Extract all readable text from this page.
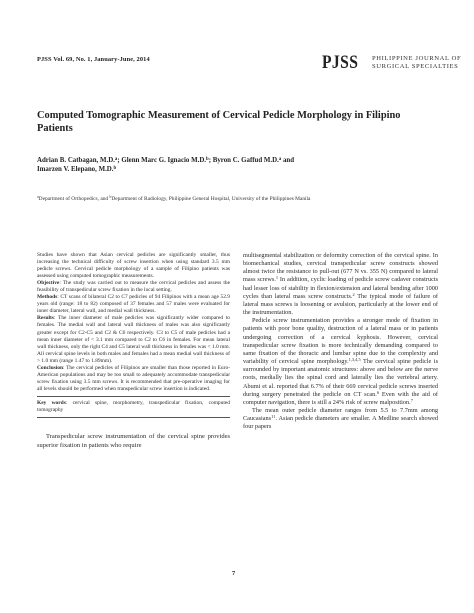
PJSS Vol. 69, No. 1, January-June, 2014	PJSS	PHILIPPINE JOURNAL OF
SURGICAL SPECIALTIES
Computed Tomographic Measurement of Cervical Pedicle Morphology in Filipino Patients
Adrian B. Catbagan, M.D.$^a$; Glenn Marc G. Ignacio M.D.$^b$; Byron C. Gaffud M.D.$^a$ and
Imarzen V. Elepano, M.D.$^b$
$^a$Department of Orthopedics, and $^b$Department of Radiology, Philippine General Hospital, University of the Philippines Manila

Studies have shown that Asian cervical pedicles are significantly smaller, thus increasing the technical difficulty of screw insertion when using standard 3.5 mm pedicle screws. Cervical pedicle morphology of a sample of Filipino patients was assessed using computed tomographic measurements.

Objective: The study was carried out to measure the cervical pedicles and assess the feasibility of transpedicular screw fixation in the local setting.

Methods: CT scans of bilateral C2 to C7 pedicles of 94 Filipinos with a mean age 52.9 years old (range: 18 to 82) composed of 37 females and 57 males were evaluated for inner diameter, lateral wall, and medial wall thickness.

Results: The inner diameter of male pedicles was significantly wider compared to females. The medial wall and lateral wall thickness of males was also significantly greater except for C2-C5 and C2 & C6 respectively. C3 to C5 of male pedicles had a mean inner diameter of < 3.1 mm compared to C2 to C6 in females. For mean lateral wall thickness, only the right C4 and C5 lateral wall thickness in females was < 1.0 mm. All cervical spine levels in both males and females had a mean medial wall thickness of > 1.0 mm (range 1.47 to 1.89mm).

Conclusion: The cervical pedicles of Filipinos are smaller than those reported in Euro-American populations and may be too small to adequately accommodate transpedicular screw fixation using 3.5 mm screws. It is recommended that pre-operative imaging for all levels should be performed when transpedicular screw insertion is indicated.

Key words: cervical spine, morphometry, transpedicular fixation, computed tomography

Transpedicular screw instrumentation of the cervical spine provides superior fixation in patients who require

multisegmental stabilization or deformity correction of the cervical spine. In biomechanical studies, cervical transpedicular screw constructs showed almost twice the resistance to pull-out (677 N vs. 355 N) compared to lateral mass screws.$^1$ In addition, cyclic loading of pedicle screw cadaver constructs had lesser loss of stability in flexion/extension and lateral bending after 1000 cycles than lateral mass screw constructs.$^2$ The typical mode of failure of lateral mass screws is loosening or avulsion, particularly at the lower end of the instrumentation.

Pedicle screw instrumentation provides a stronger mode of fixation in patients with poor bone quality, destruction of a lateral mass or in patients undergoing correction of a cervical kyphosis. However, cervical transpedicular screw fixation is more technically demanding compared to same fixation of the thoracic and lumbar spine due to the complexity and variability of cervical spine morphology.$^{1,3,4,5}$ The cervical spine pedicle is surrounded by important anatomic structures: above and below are the nerve roots, medially lies the spinal cord and laterally lies the vertebral artery. Abumi et al. reported that 6.7% of their 669 cervical pedicle screws inserted during surgery penetrated the pedicle on CT scan.$^6$ Even with the aid of computer navigation, there is still a 24% risk of screw malposition.$^7$

The mean outer pedicle diameter ranges from 5.5 to 7.7mm among Caucasians$^{11}$. Asian pedicle diameters are smaller. A Medline search showed four papers

7
